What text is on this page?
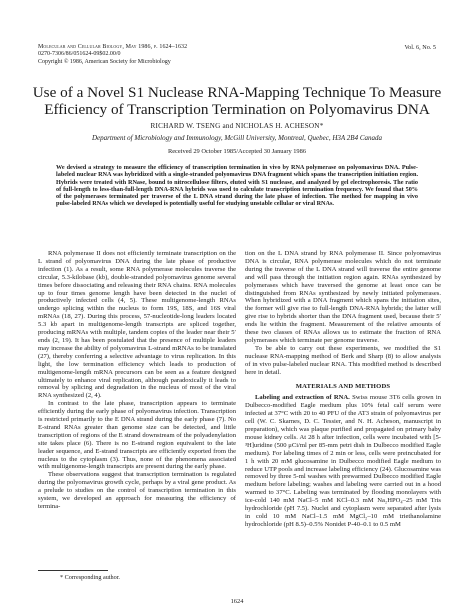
Molecular and Cellular Biology, May 1986, p. 1624–1632
0270-7306/86/051624-09$02.00/0
Copyright © 1986, American Society for Microbiology
Vol. 6, No. 5
Use of a Novel S1 Nuclease RNA-Mapping Technique To Measure
Efficiency of Transcription Termination on Polyomavirus DNA
RICHARD W. TSENG and NICHOLAS H. ACHESON*
Department of Microbiology and Immunology, McGill University, Montreal, Quebec, H3A 2B4 Canada
Received 29 October 1985/Accepted 30 January 1986
We devised a strategy to measure the efficiency of transcription termination in vivo by RNA polymerase on polyomavirus DNA. Pulse-labeled nuclear RNA was hybridized with a single-stranded polyomavirus DNA fragment which spans the transcription initiation region. Hybrids were treated with RNase, bound to nitrocellulose filters, eluted with S1 nuclease, and analyzed by gel electrophoresis. The ratio of full-length to less-than-full-length DNA-RNA hybrids was used to calculate transcription termination frequency. We found that 50% of the polymerases terminated per traverse of the L DNA strand during the late phase of infection. The method for mapping in vivo pulse-labeled RNAs which we developed is potentially useful for studying unstable cellular or viral RNAs.

RNA polymerase II does not efficiently terminate transcription on the L strand of polyomavirus DNA during the late phase of productive infection (1). As a result, some RNA polymerase molecules traverse the circular, 5.3-kilobase (kb), double-stranded polyomavirus genome several times before dissociating and releasing their RNA chains. RNA molecules up to four times genome length have been detected in the nuclei of productively infected cells (4, 5). These multigenome-length RNAs undergo splicing within the nucleus to form 19S, 18S, and 16S viral mRNAs (18, 27). During this process, 57-nucleotide-long leaders located 5.3 kb apart in multigenome-length transcripts are spliced together, producing mRNAs with multiple, tandem copies of the leader near their 5′ ends (2, 19). It has been postulated that the presence of multiple leaders may increase the ability of polyomavirus L-strand mRNAs to be translated (27), thereby conferring a selective advantage to virus replication. In this light, the low termination efficiency which leads to production of multigenome-length mRNA precursors can be seen as a feature designed ultimately to enhance viral replication, although paradoxically it leads to removal by splicing and degradation in the nucleus of most of the viral RNA synthesized (2, 4).

In contrast to the late phase, transcription appears to terminate efficiently during the early phase of polyomavirus infection. Transcription is restricted primarily to the E DNA strand during the early phase (7). No E-strand RNAs greater than genome size can be detected, and little transcription of regions of the E strand downstream of the polyadenylation site takes place (6). There is no E-strand region equivalent to the late leader sequence, and E-strand transcripts are efficiently exported from the nucleus to the cytoplasm (3). Thus, none of the phenomena associated with multigenome-length transcripts are present during the early phase.

These observations suggest that transcription termination is regulated during the polyomavirus growth cycle, perhaps by a viral gene product. As a prelude to studies on the control of transcription termination in this system, we developed an approach for measuring the efficiency of termina-

tion on the L DNA strand by RNA polymerase II. Since polyomavirus DNA is circular, RNA polymerase molecules which do not terminate during the traverse of the L DNA strand will traverse the entire genome and will pass through the initiation region again. RNAs synthesized by polymerases which have traversed the genome at least once can be distinguished from RNAs synthesized by newly initiated polymerases. When hybridized with a DNA fragment which spans the initiation sites, the former will give rise to full-length DNA-RNA hybrids; the latter will give rise to hybrids shorter than the DNA fragment used, because their 5′ ends lie within the fragment. Measurement of the relative amounts of these two classes of RNAs allows us to estimate the fraction of RNA polymerases which terminate per genome traverse.

To be able to carry out these experiments, we modified the S1 nuclease RNA-mapping method of Berk and Sharp (8) to allow analysis of in vivo pulse-labeled nuclear RNA. This modified method is described here in detail.

MATERIALS AND METHODS

Labeling and extraction of RNA. Swiss mouse 3T6 cells grown in Dulbecco-modified Eagle medium plus 10% fetal calf serum were infected at 37°C with 20 to 40 PFU of the AT3 strain of polyomavirus per cell (W. C. Skarnes, D. C. Tessier, and N. H. Acheson, manuscript in preparation), which was plaque purified and propagated on primary baby mouse kidney cells. At 28 h after infection, cells were incubated with [5-³H]uridine (500 μCi/ml per 85-mm petri dish in Dulbecco modified Eagle medium). For labeling times of 2 min or less, cells were preincubated for 1 h with 20 mM glucosamine in Dulbecco modified Eagle medium to reduce UTP pools and increase labeling efficiency (24). Glucosamine was removed by three 5-ml washes with prewarmed Dulbecco modified Eagle medium before labeling; washes and labeling were carried out in a hood warmed to 37°C. Labeling was terminated by flooding monolayers with ice-cold 140 mM NaCl–5 mM KCl–0.3 mM Na₂HPO₄–25 mM Tris hydrochloride (pH 7.5). Nuclei and cytoplasm were separated after lysis in cold 10 mM NaCl–1.5 mM MgCl₂–10 mM triethanolamine hydrochloride (pH 8.5)–0.5% Nonidet P-40–0.1 to 0.5 mM

* Corresponding author.
1624
